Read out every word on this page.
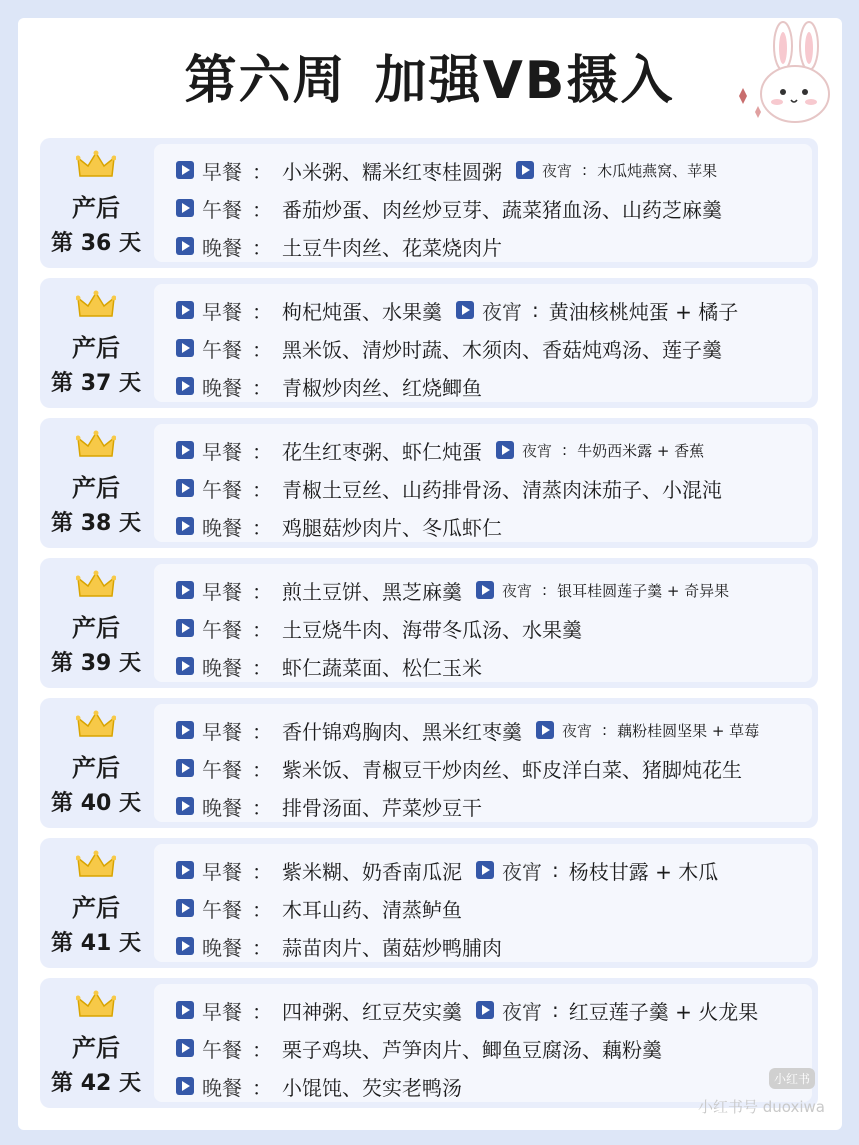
第六周 加强VB摄入
产后
第 36 天
早餐 ： 小米粥、糯米红枣桂圆粥	夜宵 : 木瓜炖燕窝、苹果
午餐 ： 番茄炒蛋、肉丝炒豆芽、蔬菜猪血汤、山药芝麻羹
晚餐 ： 土豆牛肉丝、花菜烧肉片
产后
第 37 天
早餐 ： 枸杞炖蛋、水果羹 夜宵 : 黄油核桃炖蛋 + 橘子
午餐 ： 黑米饭、清炒时蔬、木须肉、香菇炖鸡汤、莲子羹
晚餐 ： 青椒炒肉丝、红烧鲫鱼
产后
第 38 天
早餐 ： 花生红枣粥、虾仁炖蛋	夜宵 : 牛奶西米露 + 香蕉
午餐 ： 青椒土豆丝、山药排骨汤、清蒸肉沫茄子、小混沌
晚餐 ： 鸡腿菇炒肉片、冬瓜虾仁
产后
第 39 天
早餐 ： 煎土豆饼、黑芝麻羹	夜宵 : 银耳桂圆莲子羹 + 奇异果
午餐 ： 土豆烧牛肉、海带冬瓜汤、水果羹
晚餐 ： 虾仁蔬菜面、松仁玉米
产后
第 40 天
早餐 ： 香什锦鸡胸肉、黑米红枣羹	夜宵 : 藕粉桂圆坚果 + 草莓
午餐 ： 紫米饭、青椒豆干炒肉丝、虾皮洋白菜、猪脚炖花生
晚餐 ： 排骨汤面、芹菜炒豆干
产后
第 41 天
早餐 ： 紫米糊、奶香南瓜泥 夜宵 : 杨枝甘露 + 木瓜
午餐 ： 木耳山药、清蒸鲈鱼
晚餐 ： 蒜苗肉片、菌菇炒鸭脯肉
产后
第 42 天
早餐 ： 四神粥、红豆芡实羹 夜宵 : 红豆莲子羹 + 火龙果
午餐 ： 栗子鸡块、芦笋肉片、鲫鱼豆腐汤、藕粉羹
晚餐 ： 小馄饨、芡实老鸭汤	小红书
小红书号 duoxiwa
